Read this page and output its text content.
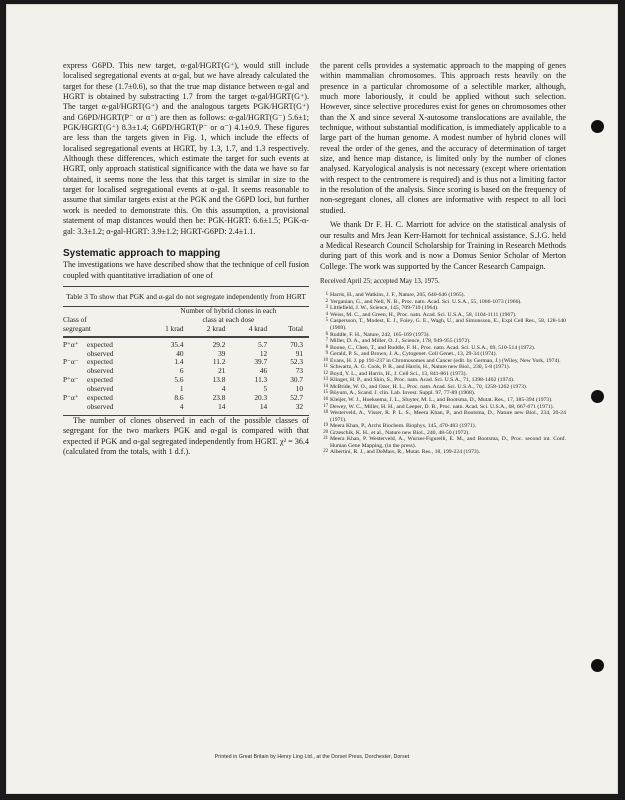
express G6PD. This new target, α-gal/HGRT(G⁺), would still include localised segregational events at α-gal, but we have already calculated the target for these (1.7±0.6), so that the true map distance between α-gal and HGRT is obtained by substracting 1.7 from the target α-gal/HGRT(G⁺). The target α-gal/HGRT(G⁺) and the analogous targets PGK/HGRT(G⁺) and G6PD/HGRT(P⁻ or α⁻) are then as follows: α-gal/HGRT(G⁻) 5.6±1; PGK/HGRT(G⁺) 8.3±1.4; G6PD/HGRT(P⁻ or α⁻) 4.1±0.9. These figures are less than the targets given in Fig. 1, which include the effects of localised segregational events at HGRT, by 1.3, 1.7, and 1.3 respectively. Although these differences, which estimate the target for such events at HGRT, only approach statistical significance with the data we have so far obtained, it seems none the less that this target is similar in size to the target for localised segregational events at α-gal. It seems reasonable to assume that similar targets exist at the PGK and the G6PD loci, but further work is needed to demonstrate this. On this assumption, a provisional statement of map distances would then be: PGK-HGRT: 6.6±1.5; PGK-α-gal: 3.3±1.2; α-gal-HGRT: 3.9±1.2; HGRT-G6PD: 2.4±1.1.

Systematic approach to mapping

The investigations we have described show that the technique of cell fusion coupled with quantitative irradiation of one of

Table 3 To show that PGK and α-gal do not segregate independently from HGRT

	Number of hybrid clones in each			
Class of	class at each dose			
segregant	1 krad	2 krad	4 krad	Total

P⁺α⁺ expected	35.4	29.2	5.7	70.3
observed	40	39	12	91
P⁻α⁻ expected	1.4	11.2	39.7	52.3
observed	6	21	46	73
P⁺α⁻ expected	5.6	13.8	11.3	30.7
observed	1	4	5	10
P⁻α⁺ expected	8.6	23.8	20.3	52.7
observed	4	14	14	32

The number of clones observed in each of the possible classes of segregant for the two markers PGK and α-gal is compared with that expected if PGK and α-gal segregated independently from HGRT. χ² = 36.4 (calculated from the totals, with 1 d.f.).

the parent cells provides a systematic approach to the mapping of genes within mammalian chromosomes. This approach rests heavily on the presence in a particular chromosome of a selectible marker, although, much more laboriously, it could be applied without such selection. However, since selective procedures exist for genes on chromosomes other than the X and since several X-autosome translocations are available, the technique, without substantial modification, is immediately applicable to a large part of the human genome. A modest number of hybrid clones will reveal the order of the genes, and the accuracy of determination of target size, and hence map distance, is limited only by the number of clones analysed. Karyological analysis is not necessary (except where orientation with respect to the centromere is required) and is thus not a limiting factor in the resolution of the analysis. Since scoring is based on the frequency of non-segregant clones, all clones are informative with respect to all loci studied.

We thank Dr F. H. C. Marriott for advice on the statistical analysis of our results and Mrs Jean Kerr-Harnott for technical assistance. S.J.G. held a Medical Research Council Scholarship for Training in Research Methods during part of this work and is now a Domus Senior Scholar of Merton College. The work was supported by the Cancer Research Campaign.

Received April 25; accepted May 13, 1975.
1 Harris, H., and Watkins, J. F., Nature, 205, 640-646 (1965).
2 Yerganian, G., and Nell, N. B., Proc. natn. Acad. Sci. U.S.A., 55, 1066-1073 (1966).
3 Littlefield, J. W., Science, 145, 709-710 (1964).
4 Weiss, M. C., and Green, H., Proc. natn. Acad. Sci. U.S.A., 58, 1104-1111 (1967).
5 Caspersson, T., Modest, E. J., Foley, G. E., Wagh, U., and Simonsson, E., Expl Cell Res., 58, 128-140 (1969).
6 Ruddle, F. H., Nature, 242, 165-169 (1973).
7 Miller, D. A., and Miller, O. J., Science, 178, 949-955 (1972).
8 Boone, C., Chen, T., and Ruddle, F. H., Proc. natn. Acad. Sci. U.S.A., 69, 510-514 (1972).
9 Gerald, P. S., and Brown, J. A., Cytogenet. Cell Genet., 13, 29-34 (1974).
10 Evans, H. J. pp 191-237 in Chromosomes and Cancer (edit. by German, J.) (Wiley, New York, 1974).
11 Schwartz, A. G. Cook, P. R., and Harris, H., Nature new Biol., 230, 5-8 (1971).
12 Boyd, Y. L., and Harris, H., J. Cell Sci., 13, 841-861 (1973).
13 Klinger, H. P., and Shin, S., Proc. natn. Acad. Sci. U.S.A., 71, 1398-1402 (1974).
14 McBride, W. O., and Ozer, H. L., Proc. natn. Acad. Sci. U.S.A., 70, 1258-1262 (1973).
15 Böyum, A., Scand. J. clin. Lab. Invest. Suppl. 97, 77-89 (1968).
16 Kleijer, W. J., Hoeksema, J. L., Sluyter, M. L., and Bootsma, D., Mutat. Res., 17, 385-394 (1973).
17 Dewey, W. C., Miller, H. H., and Leeper, D. B., Proc. natn. Acad. Sci. U.S.A., 68, 667-671 (1971).
18 Westerveld, A., Visser, R. P. L. S., Meera Khan, P., and Bootsma, D., Nature new Biol., 234, 20-24 (1971).
19 Meera Khan, P., Archs Biochem. Biophys, 145, 470-483 (1971).
20 Grzeschik, K. H., et al., Nature new Biol., 240, 48-50 (1972).
21 Meera Khan, P. Westerveld, A., Wurzer-Figurelli, E. M., and Bootsma, D., Proc. second int. Conf. Human Gene Mapping, (in the press).
22 Albertini, R. J., and DeMars, R., Mutat. Res., 18, 199-224 (1973).
Printed in Great Britain by Henry Ling Ltd., at the Dorset Press, Dorchester, Dorset
